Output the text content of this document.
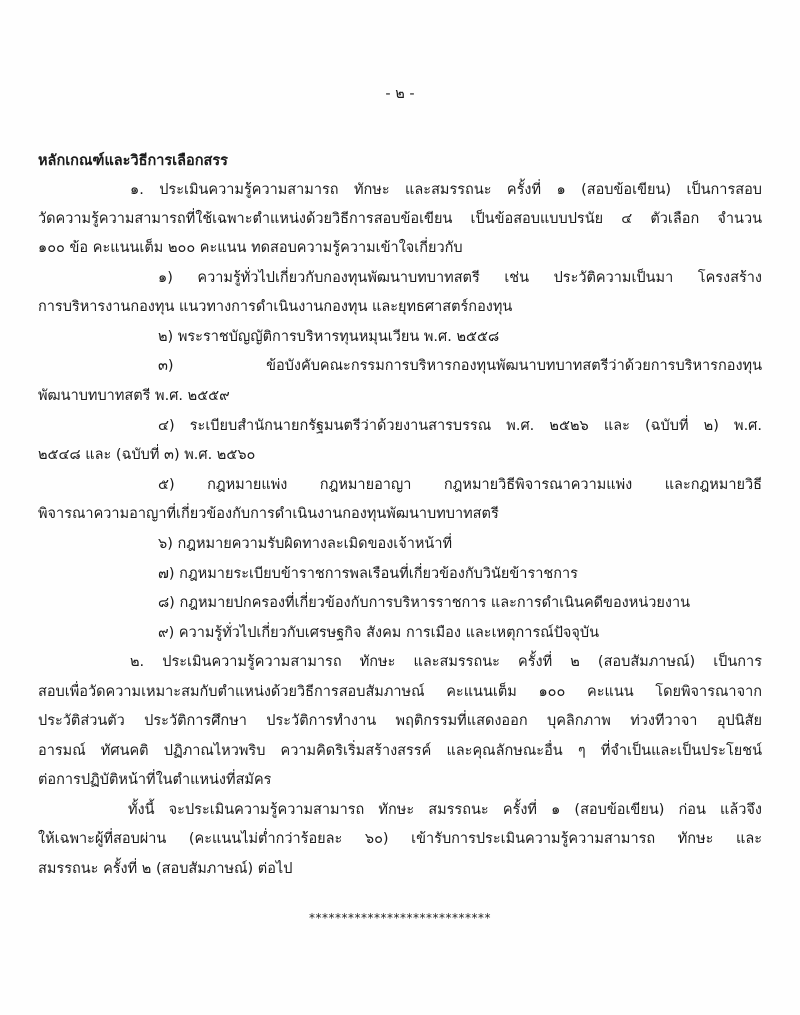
- ๒ -
หลักเกณฑ์และวิธีการเลือกสรร
๑. ประเมินความรู้ความสามารถ ทักษะ และสมรรถนะ ครั้งที่ ๑ (สอบข้อเขียน) เป็นการสอบ
วัดความรู้ความสามารถที่ใช้เฉพาะตำแหน่งด้วยวิธีการสอบข้อเขียน เป็นข้อสอบแบบปรนัย ๔ ตัวเลือก จำนวน
๑๐๐ ข้อ คะแนนเต็ม ๒๐๐ คะแนน ทดสอบความรู้ความเข้าใจเกี่ยวกับ
๑) ความรู้ทั่วไปเกี่ยวกับกองทุนพัฒนาบทบาทสตรี เช่น ประวัติความเป็นมา โครงสร้าง
การบริหารงานกองทุน แนวทางการดำเนินงานกองทุน และยุทธศาสตร์กองทุน
๒) พระราชบัญญัติการบริหารทุนหมุนเวียน พ.ศ. ๒๕๕๘
๓) ข้อบังคับคณะกรรมการบริหารกองทุนพัฒนาบทบาทสตรีว่าด้วยการบริหารกองทุน
พัฒนาบทบาทสตรี พ.ศ. ๒๕๕๙
๔) ระเบียบสำนักนายกรัฐมนตรีว่าด้วยงานสารบรรณ พ.ศ. ๒๕๒๖ และ (ฉบับที่ ๒) พ.ศ.
๒๕๔๘ และ (ฉบับที่ ๓) พ.ศ. ๒๕๖๐
๕) กฎหมายแพ่ง กฎหมายอาญา กฎหมายวิธีพิจารณาความแพ่ง และกฎหมายวิธี
พิจารณาความอาญาที่เกี่ยวข้องกับการดำเนินงานกองทุนพัฒนาบทบาทสตรี
๖) กฎหมายความรับผิดทางละเมิดของเจ้าหน้าที่
๗) กฎหมายระเบียบข้าราชการพลเรือนที่เกี่ยวข้องกับวินัยข้าราชการ
๘) กฎหมายปกครองที่เกี่ยวข้องกับการบริหารราชการ และการดำเนินคดีของหน่วยงาน
๙) ความรู้ทั่วไปเกี่ยวกับเศรษฐกิจ สังคม การเมือง และเหตุการณ์ปัจจุบัน
๒. ประเมินความรู้ความสามารถ ทักษะ และสมรรถนะ ครั้งที่ ๒ (สอบสัมภาษณ์) เป็นการ
สอบเพื่อวัดความเหมาะสมกับตำแหน่งด้วยวิธีการสอบสัมภาษณ์ คะแนนเต็ม ๑๐๐ คะแนน โดยพิจารณาจาก
ประวัติส่วนตัว ประวัติการศึกษา ประวัติการทำงาน พฤติกรรมที่แสดงออก บุคลิกภาพ ท่วงทีวาจา อุปนิสัย
อารมณ์ ทัศนคติ ปฏิภาณไหวพริบ ความคิดริเริ่มสร้างสรรค์ และคุณลักษณะอื่น ๆ ที่จำเป็นและเป็นประโยชน์
ต่อการปฏิบัติหน้าที่ในตำแหน่งที่สมัคร
ทั้งนี้ จะประเมินความรู้ความสามารถ ทักษะ สมรรถนะ ครั้งที่ ๑ (สอบข้อเขียน) ก่อน แล้วจึง
ให้เฉพาะผู้ที่สอบผ่าน (คะแนนไม่ต่ำกว่าร้อยละ ๖๐) เข้ารับการประเมินความรู้ความสามารถ ทักษะ และ
สมรรถนะ ครั้งที่ ๒ (สอบสัมภาษณ์) ต่อไป
****************************
